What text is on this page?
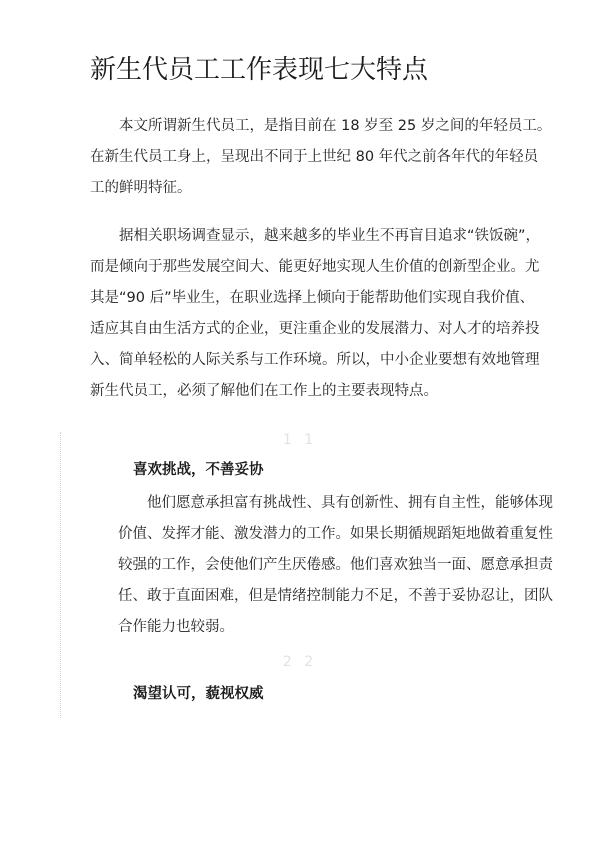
新生代员工工作表现七大特点

本文所谓新生代员工，是指目前在 18 岁至 25 岁之间的年轻员工。
在新生代员工身上，呈现出不同于上世纪 80 年代之前各年代的年轻员
工的鲜明特征。

据相关职场调查显示，越来越多的毕业生不再盲目追求“铁饭碗”，
而是倾向于那些发展空间大、能更好地实现人生价值的创新型企业。尤
其是“90 后”毕业生，在职业选择上倾向于能帮助他们实现自我价值、
适应其自由生活方式的企业，更注重企业的发展潜力、对人才的培养投
入、简单轻松的人际关系与工作环境。所以，中小企业要想有效地管理
新生代员工，必须了解他们在工作上的主要表现特点。

1 1
喜欢挑战，不善妥协

他们愿意承担富有挑战性、具有创新性、拥有自主性，能够体现
价值、发挥才能、激发潜力的工作。如果长期循规蹈矩地做着重复性
较强的工作，会使他们产生厌倦感。他们喜欢独当一面、愿意承担责
任、敢于直面困难，但是情绪控制能力不足，不善于妥协忍让，团队
合作能力也较弱。

2 2
渴望认可，藐视权威
